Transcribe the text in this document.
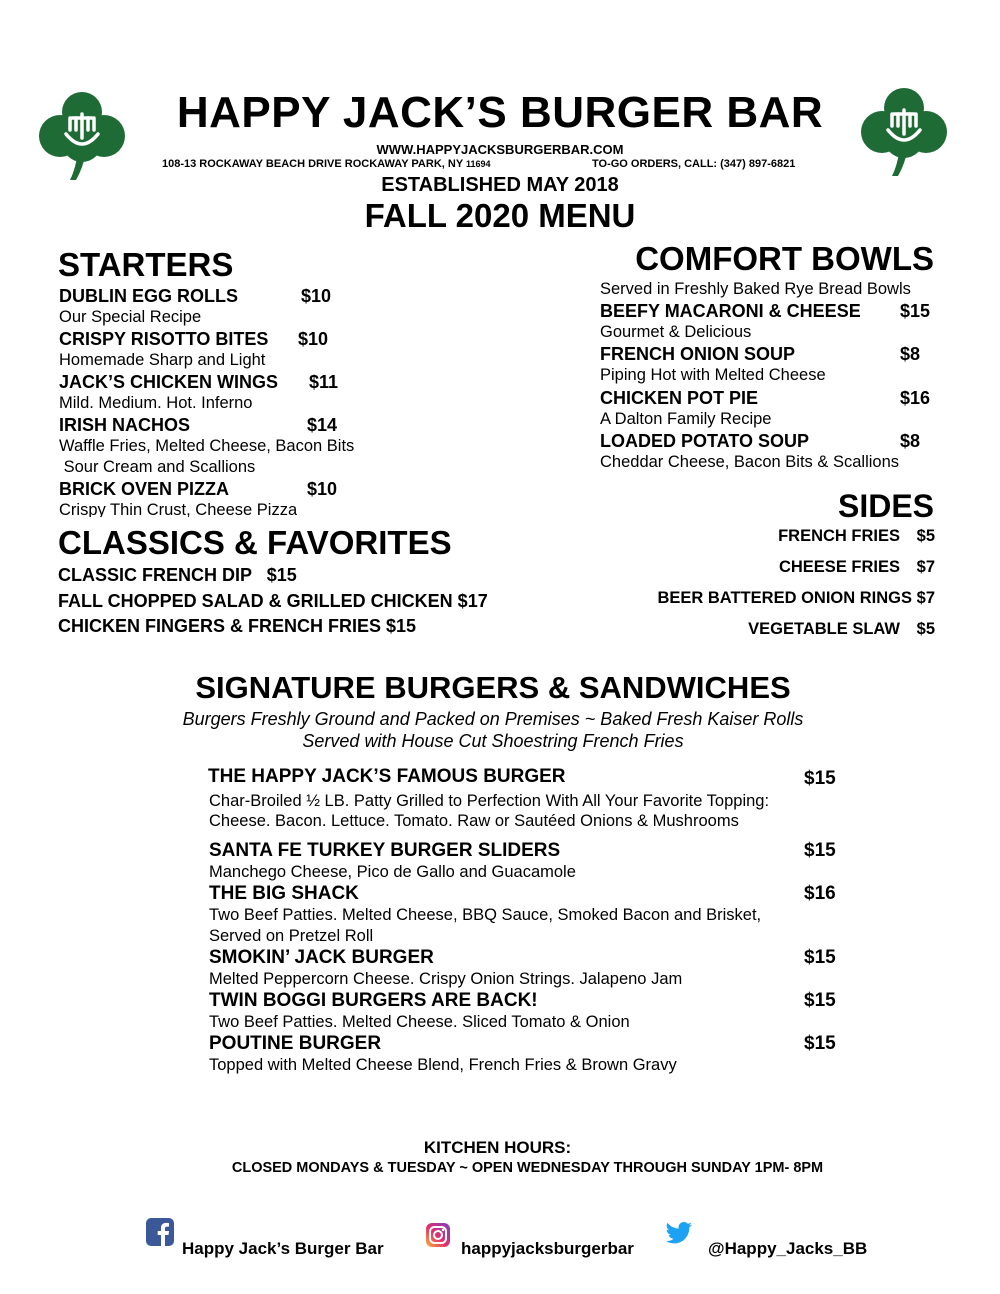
HAPPY JACK’S BURGER BAR
WWW.HAPPYJACKSBURGERBAR.COM
108-13 ROCKAWAY BEACH DRIVE ROCKAWAY PARK, NY 11694	TO-GO ORDERS, CALL: (347) 897-6821
ESTABLISHED MAY 2018
FALL 2020 MENU
STARTERS
DUBLIN EGG ROLLS	$10
Our Special Recipe
CRISPY RISOTTO BITES $10
Homemade Sharp and Light
JACK’S CHICKEN WINGS $11
Mild. Medium. Hot. Inferno
IRISH NACHOS	$14
Waffle Fries, Melted Cheese, Bacon Bits
Sour Cream and Scallions
BRICK OVEN PIZZA	$10
Crispy Thin Crust, Cheese Pizza
CLASSICS & FAVORITES
CLASSIC FRENCH DIP   $15
FALL CHOPPED SALAD & GRILLED CHICKEN $17
CHICKEN FINGERS & FRENCH FRIES $15
COMFORT BOWLS
Served in Freshly Baked Rye Bread Bowls
BEEFY MACARONI & CHEESE $15
Gourmet & Delicious
FRENCH ONION SOUP	$8
Piping Hot with Melted Cheese
CHICKEN POT PIE	$16
A Dalton Family Recipe
LOADED POTATO SOUP	$8
Cheddar Cheese, Bacon Bits & Scallions
SIDES
FRENCH FRIES	$5
CHEESE FRIES	$7
BEER BATTERED ONION RINGS $7
VEGETABLE SLAW	$5
SIGNATURE BURGERS & SANDWICHES
Burgers Freshly Ground and Packed on Premises ~ Baked Fresh Kaiser Rolls
Served with House Cut Shoestring French Fries
THE HAPPY JACK’S FAMOUS BURGER	$15
Char-Broiled ½ LB. Patty Grilled to Perfection With All Your Favorite Topping:
Cheese. Bacon. Lettuce. Tomato. Raw or Sautéed Onions & Mushrooms
SANTA FE TURKEY BURGER SLIDERS	$15
Manchego Cheese, Pico de Gallo and Guacamole
THE BIG SHACK	$16
Two Beef Patties. Melted Cheese, BBQ Sauce, Smoked Bacon and Brisket,
Served on Pretzel Roll
SMOKIN’ JACK BURGER	$15
Melted Peppercorn Cheese. Crispy Onion Strings. Jalapeno Jam
TWIN BOGGI BURGERS ARE BACK!	$15
Two Beef Patties. Melted Cheese. Sliced Tomato & Onion
POUTINE BURGER	$15
Topped with Melted Cheese Blend, French Fries & Brown Gravy
KITCHEN HOURS:
CLOSED MONDAYS & TUESDAY ~ OPEN WEDNESDAY THROUGH SUNDAY 1PM- 8PM
Happy Jack’s Burger Bar	happyjacksburgerbar	@Happy_Jacks_BB
